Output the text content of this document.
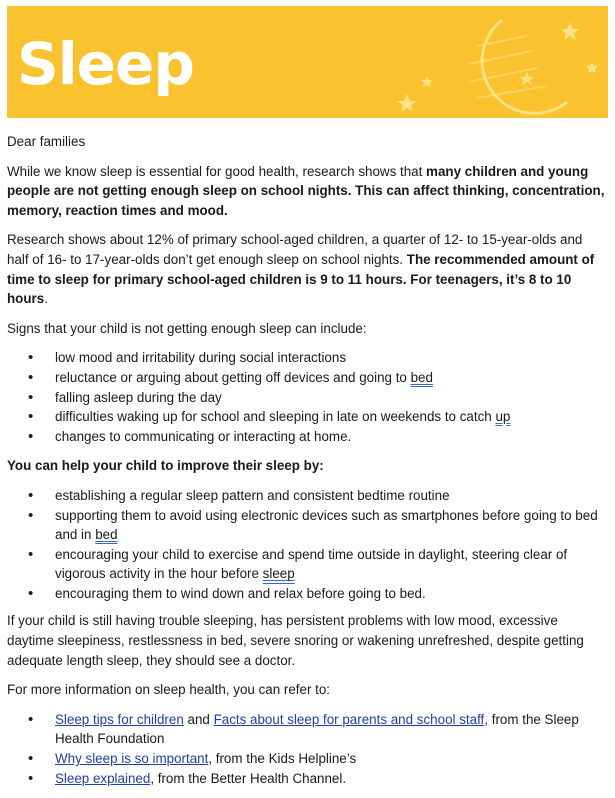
Sleep

Dear families

While we know sleep is essential for good health, research shows that many children and young people are not getting enough sleep on school nights. This can affect thinking, concentration, memory, reaction times and mood.

Research shows about 12% of primary school-aged children, a quarter of 12- to 15-year-olds and half of 16- to 17-year-olds don’t get enough sleep on school nights. The recommended amount of time to sleep for primary school-aged children is 9 to 11 hours. For teenagers, it’s 8 to 10 hours.

Signs that your child is not getting enough sleep can include:

• low mood and irritability during social interactions
• reluctance or arguing about getting off devices and going to bed
• falling asleep during the day
• difficulties waking up for school and sleeping in late on weekends to catch up
• changes to communicating or interacting at home.

You can help your child to improve their sleep by:

• establishing a regular sleep pattern and consistent bedtime routine
• supporting them to avoid using electronic devices such as smartphones before going to bed and in bed
• encouraging your child to exercise and spend time outside in daylight, steering clear of vigorous activity in the hour before sleep
• encouraging them to wind down and relax before going to bed.

If your child is still having trouble sleeping, has persistent problems with low mood, excessive daytime sleepiness, restlessness in bed, severe snoring or wakening unrefreshed, despite getting adequate length sleep, they should see a doctor.

For more information on sleep health, you can refer to:

• Sleep tips for children and Facts about sleep for parents and school staff, from the Sleep Health Foundation
• Why sleep is so important, from the Kids Helpline’s
• Sleep explained, from the Better Health Channel.
